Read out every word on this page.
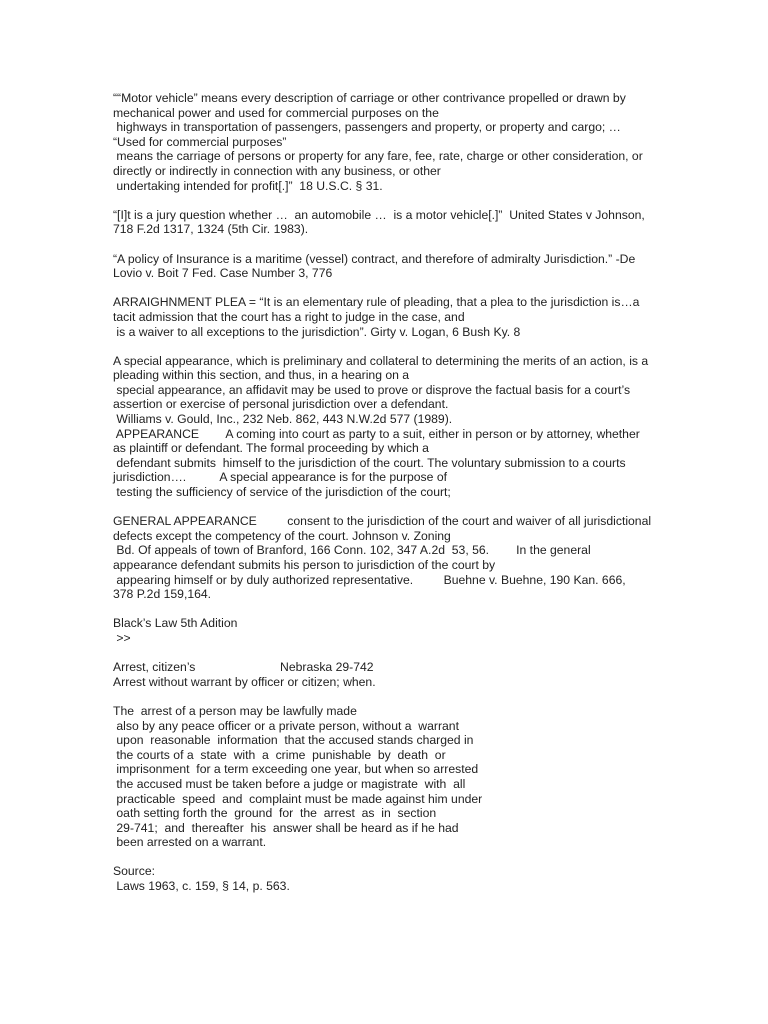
““Motor vehicle” means every description of carriage or other contrivance propelled or drawn by
mechanical power and used for commercial purposes on the
highways in transportation of passengers, passengers and property, or property and cargo; …
“Used for commercial purposes”
means the carriage of persons or property for any fare, fee, rate, charge or other consideration, or
directly or indirectly in connection with any business, or other
undertaking intended for profit[.]”  18 U.S.C. § 31.
“[I]t is a jury question whether …  an automobile …  is a motor vehicle[.]”  United States v Johnson,
718 F.2d 1317, 1324 (5th Cir. 1983).
“A policy of Insurance is a maritime (vessel) contract, and therefore of admiralty Jurisdiction.” -De
Lovio v. Boit 7 Fed. Case Number 3, 776
ARRAIGHNMENT PLEA = “It is an elementary rule of pleading, that a plea to the jurisdiction is…a
tacit admission that the court has a right to judge in the case, and
is a waiver to all exceptions to the jurisdiction”. Girty v. Logan, 6 Bush Ky. 8
A special appearance, which is preliminary and collateral to determining the merits of an action, is a
pleading within this section, and thus, in a hearing on a
special appearance, an affidavit may be used to prove or disprove the factual basis for a court’s
assertion or exercise of personal jurisdiction over a defendant.
Williams v. Gould, Inc., 232 Neb. 862, 443 N.W.2d 577 (1989).
APPEARANCE        A coming into court as party to a suit, either in person or by attorney, whether
as plaintiff or defendant. The formal proceeding by which a
defendant submits  himself to the jurisdiction of the court. The voluntary submission to a courts
jurisdiction….          A special appearance is for the purpose of
testing the sufficiency of service of the jurisdiction of the court;
GENERAL APPEARANCE         consent to the jurisdiction of the court and waiver of all jurisdictional
defects except the competency of the court. Johnson v. Zoning
Bd. Of appeals of town of Branford, 166 Conn. 102, 347 A.2d  53, 56.        In the general
appearance defendant submits his person to jurisdiction of the court by
appearing himself or by duly authorized representative.         Buehne v. Buehne, 190 Kan. 666,
378 P.2d 159,164.
Black’s Law 5th Adition
>>
Arrest, citizen’s                         Nebraska 29-742
Arrest without warrant by officer or citizen; when.
The  arrest of a person may be lawfully made
also by any peace officer or a private person, without a  warrant
upon  reasonable  information  that the accused stands charged in
the courts of a  state  with  a  crime  punishable  by  death  or
imprisonment  for a term exceeding one year, but when so arrested
the accused must be taken before a judge or magistrate  with  all
practicable  speed  and  complaint must be made against him under
oath setting forth the  ground  for  the  arrest  as  in  section
29-741;  and  thereafter  his  answer shall be heard as if he had
been arrested on a warrant.
Source:
Laws 1963, c. 159, § 14, p. 563.
